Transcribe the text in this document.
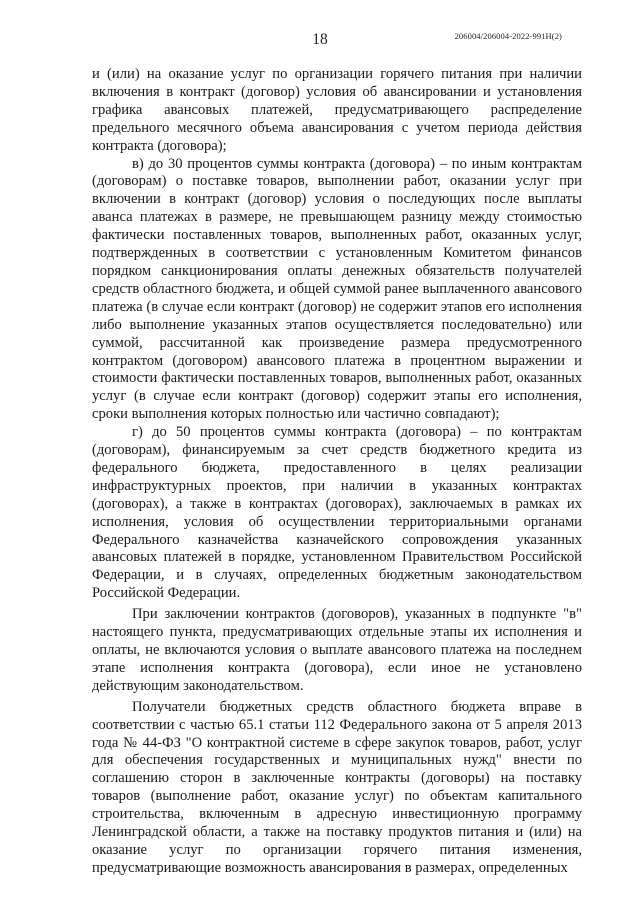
206004/206004-2022-991Н(2)
18

и (или) на оказание услуг по организации горячего питания при наличии включения в контракт (договор) условия об авансировании и установления графика авансовых платежей, предусматривающего распределение предельного месячного объема авансирования с учетом периода действия контракта (договора);

в) до 30 процентов суммы контракта (договора) – по иным контрактам (договорам) о поставке товаров, выполнении работ, оказании услуг при включении в контракт (договор) условия о последующих после выплаты аванса платежах в размере, не превышающем разницу между стоимостью фактически поставленных товаров, выполненных работ, оказанных услуг, подтвержденных в соответствии с установленным Комитетом финансов порядком санкционирования оплаты денежных обязательств получателей средств областного бюджета, и общей суммой ранее выплаченного авансового платежа (в случае если контракт (договор) не содержит этапов его исполнения либо выполнение указанных этапов осуществляется последовательно) или суммой, рассчитанной как произведение размера предусмотренного контрактом (договором) авансового платежа в процентном выражении и стоимости фактически поставленных товаров, выполненных работ, оказанных услуг (в случае если контракт (договор) содержит этапы его исполнения, сроки выполнения которых полностью или частично совпадают);

г) до 50 процентов суммы контракта (договора) – по контрактам (договорам), финансируемым за счет средств бюджетного кредита из федерального бюджета, предоставленного в целях реализации инфраструктурных проектов, при наличии в указанных контрактах (договорах), а также в контрактах (договорах), заключаемых в рамках их исполнения, условия об осуществлении территориальными органами Федерального казначейства казначейского сопровождения указанных авансовых платежей в порядке, установленном Правительством Российской Федерации, и в случаях, определенных бюджетным законодательством Российской Федерации.

При заключении контрактов (договоров), указанных в подпункте "в" настоящего пункта, предусматривающих отдельные этапы их исполнения и оплаты, не включаются условия о выплате авансового платежа на последнем этапе исполнения контракта (договора), если иное не установлено действующим законодательством.

Получатели бюджетных средств областного бюджета вправе в соответствии с частью 65.1 статьи 112 Федерального закона от 5 апреля 2013 года № 44-ФЗ "О контрактной системе в сфере закупок товаров, работ, услуг для обеспечения государственных и муниципальных нужд" внести по соглашению сторон в заключенные контракты (договоры) на поставку товаров (выполнение работ, оказание услуг) по объектам капитального строительства, включенным в адресную инвестиционную программу Ленинградской области, а также на поставку продуктов питания и (или) на оказание услуг по организации горячего питания изменения, предусматривающие возможность авансирования в размерах, определенных
